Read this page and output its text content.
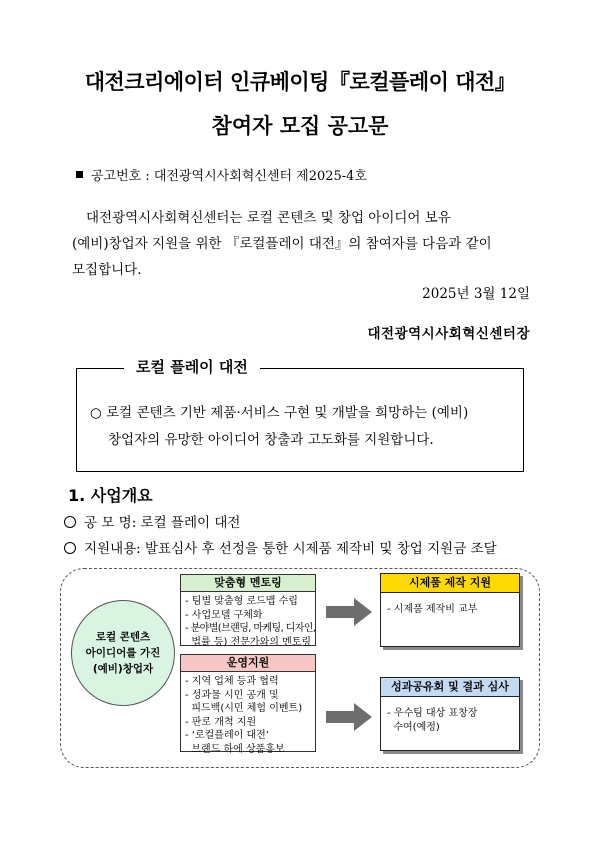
대전크리에이터 인큐베이팅『로컬플레이 대전』
참여자 모집 공고문
공고번호 : 대전광역시사회혁신센터 제2025-4호

대전광역시사회혁신센터는 로컬 콘텐츠 및 창업 아이디어 보유

(예비)창업자 지원을 위한 『로컬플레이 대전』의 참여자를 다음과 같이

모집합니다.

2025년 3월 12일
대전광역시사회혁신센터장
로컬 플레이 대전
○ 로컬 콘텐츠 기반 제품·서비스 구현 및 개발을 희망하는 (예비)
창업자의 유망한 아이디어 창출과 고도화를 지원합니다.
1. 사업개요
공 모 명: 로컬 플레이 대전
지원내용: 발표심사 후 선정을 통한 시제품 제작비 및 창업 지원금 조달
로컬 콘텐츠
아이디어를 가진
(예비)창업자
맞춤형 멘토링
- 팀별 맞춤형 로드맵 수립
- 사업모델 구체화
- 분야별(브랜딩, 마케팅, 디자인,
법률 등) 전문가와의 멘토링
운영지원
- 지역 업체 등과 협력
- 성과물 시민 공개 및
피드백(시민 체험 이벤트)
- 판로 개척 지원
- ‘로컬플레이 대전’
브랜드 하에 상품홍보
시제품 제작 지원
- 시제품 제작비 교부
성과공유회 및 결과 심사
- 우수팀 대상 표창장
수여(예정)
